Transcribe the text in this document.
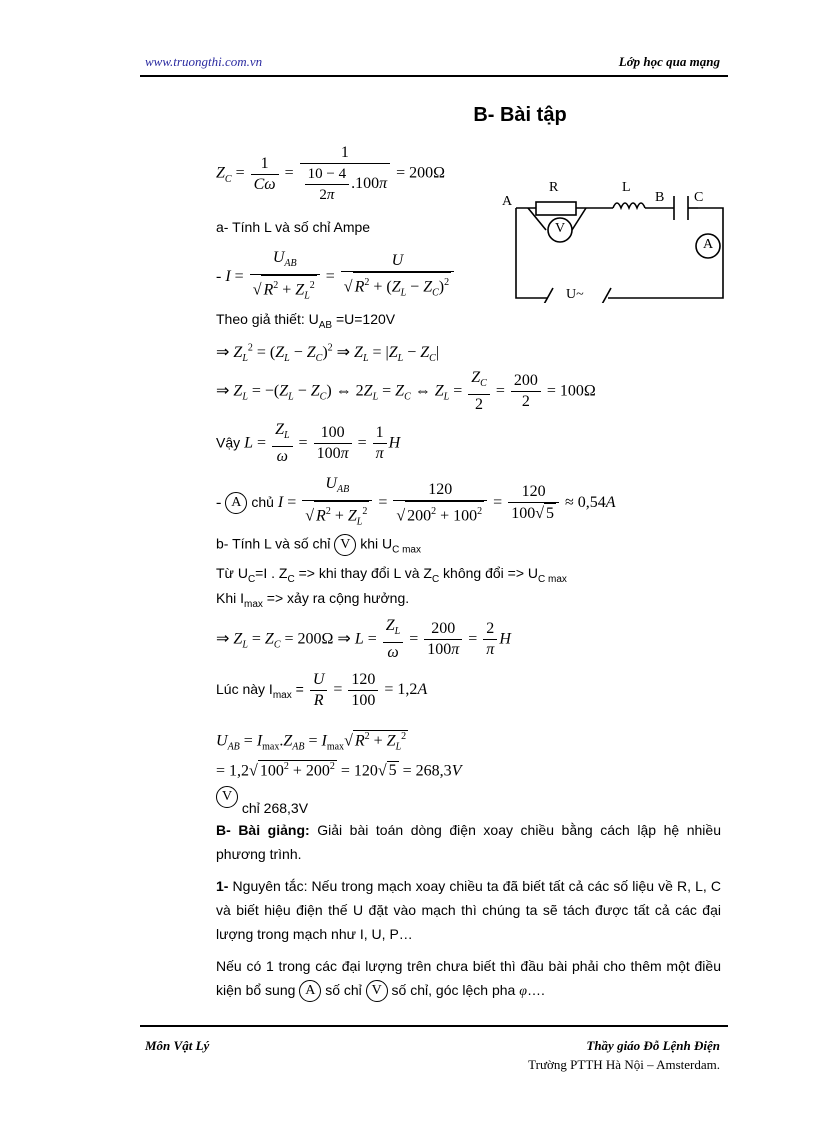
www.truongthi.com.vn	Lớp học qua mạng
B- Bài tập
$Z_C = \frac{1}{C\omega} = \frac{1}{\frac{10 - 4}{2\pi} .100\pi} = 200\Omega$
A
R	L
B C
V
A
U~
a- Tính L và số chỉ Ampe
- $I = \frac{U_{AB}}{√ R^2 + Z_L^2} = \frac{U}{√ R^2 + (Z_L - Z_C)^2}$
Theo giả thiết: $U_{AB} =U=120V$
⇒ $Z_L^2 = (Z_L - Z_C)^2$ ⇒ $Z_L = |Z_L - Z_C|$
⇒ $Z_L = -(Z_L - Z_C)$ ⇔ $2Z_L = Z_C$ ⇔ $Z_L = \frac{Z_C}{2} = \frac{200}{2} = 100\Omega$
Vậy $L = \frac{Z_L}{\omega} = \frac{100}{100\pi} = \frac{1}{\pi}$ H
- A chủ $I = \frac{U_{AB}}{√ R^2 + Z_L^2} = \frac{120}{√ 200^2 + 100^2} = \frac{120}{100√ 5} \approx 0,54A$
b- Tính L và số chỉ V khi $U_{C max}$
Từ $U_C=I$ . $Z_C$ => khi thay đổi L và $Z_C$ không đổi => $U_{C max}$
Khi $I_{max}$ => xảy ra cộng hưởng.
⇒ $Z_L = Z_C = 200\Omega$ ⇒ $L = \frac{Z_L}{\omega} = \frac{200}{100\pi} = \frac{2}{\pi}$ H
Lúc này $I_{max} = \frac{U}{R} = \frac{120}{100} = 1,2A$
$U_{AB} = I_{max}.Z_{AB} = I_{max}√$ $R^2 + Z_L^2$
= 1,2√ $100^2 + 200^2 = 120√$ 5 = 268,3V
V chỉ 268,3V
B- Bài giảng: Giải bài toán dòng điện xoay chiều bằng cách lập hệ nhiều phương trình.
1- Nguyên tắc: Nếu trong mạch xoay chiều ta đã biết tất cả các số liệu về R, L, C và biết hiệu điện thế U đặt vào mạch thì chúng ta sẽ tách được tất cả các đại lượng trong mạch như I, U, P…
Nếu có 1 trong các đại lượng trên chưa biết thì đầu bài phải cho thêm một điều kiện bổ sung A số chỉ V số chỉ, góc lệch pha φ….
Môn Vật Lý	Thầy giáo Đỗ Lệnh Điện
Trường PTTH Hà Nội – Amsterdam.
